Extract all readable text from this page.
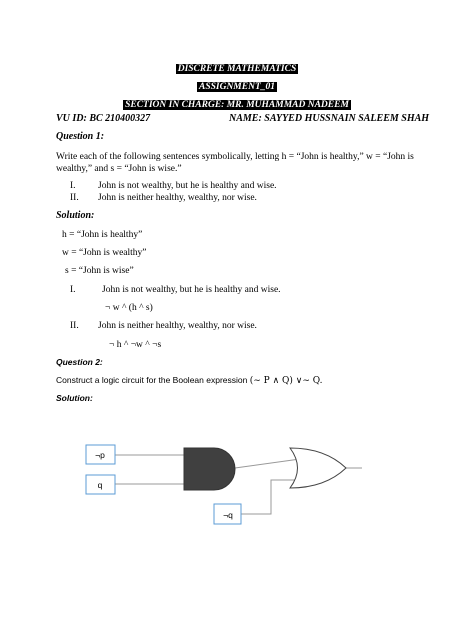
DISCRETE MATHEMATICS
ASSIGNMENT_01
SECTION IN CHARGE: MR. MUHAMMAD NADEEM
VU ID: BC 210400327	NAME: SAYYED HUSSNAIN SALEEM SHAH
Question 1:
Write each of the following sentences symbolically, letting h = “John is healthy,” w = “John is
wealthy,” and s = “John is wise.”
I. John is not wealthy, but he is healthy and wise.
II. John is neither healthy, wealthy, nor wise.
Solution:
h = “John is healthy”
w = “John is wealthy”
s = “John is wise”
I.	John is not wealthy, but he is healthy and wise.
¬ w ^ (h ^ s)
II. John is neither healthy, wealthy, nor wise.
¬ h ^ ¬w ^ ¬s
Question 2:
Construct a logic circuit for the Boolean expression (∼ P ∧ Q) ∨∼ Q.
Solution:
¬p
q
¬q
